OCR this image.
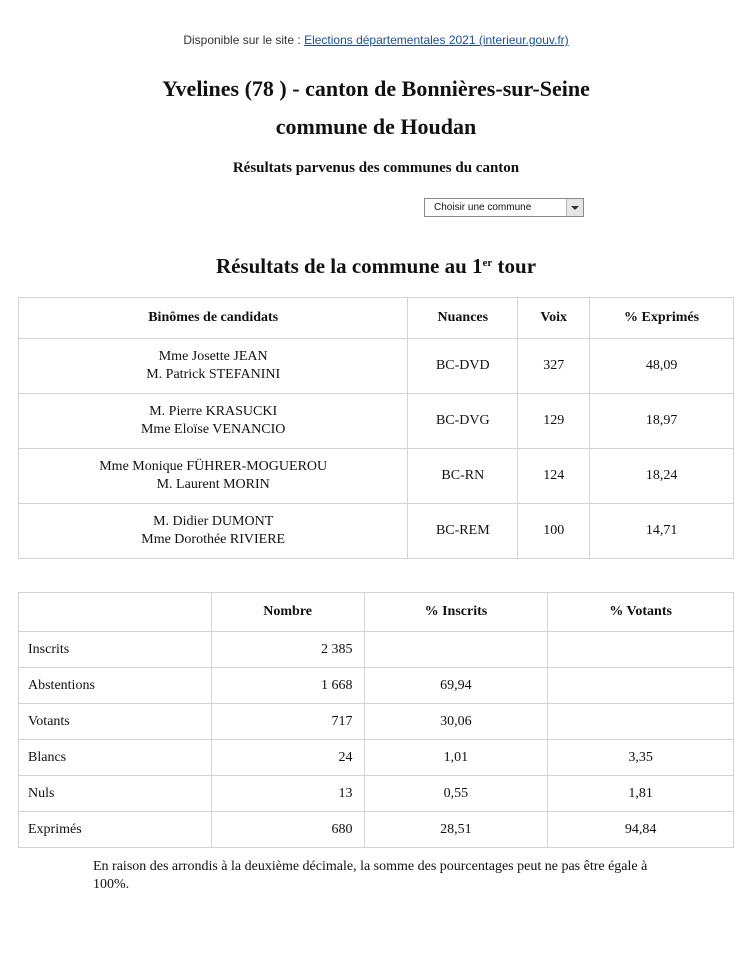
Disponible sur le site : Elections départementales 2021 (interieur.gouv.fr)
Yvelines (78 ) - canton de Bonnières-sur-Seine
commune de Houdan
Résultats parvenus des communes du canton
Choisir une commune
Résultats de la commune au 1er tour
Binômes de candidats	Nuances	Voix	% Exprimés

Mme Josette JEAN
M. Patrick STEFANINI	BC-DVD	327	48,09

M. Pierre KRASUCKI
Mme Eloïse VENANCIO	BC-DVG	129	18,97

Mme Monique FÜHRER-MOGUEROU
M. Laurent MORIN	BC-RN	124	18,24

M. Didier DUMONT
Mme Dorothée RIVIERE	BC-REM	100	14,71
	Nombre	% Inscrits	% Votants
Inscrits	2 385		
Abstentions	1 668	69,94	
Votants	717	30,06	
Blancs	24	1,01	3,35
Nuls	13	0,55	1,81
Exprimés	680	28,51	94,84
En raison des arrondis à la deuxième décimale, la somme des pourcentages peut ne pas être égale à 100%.
